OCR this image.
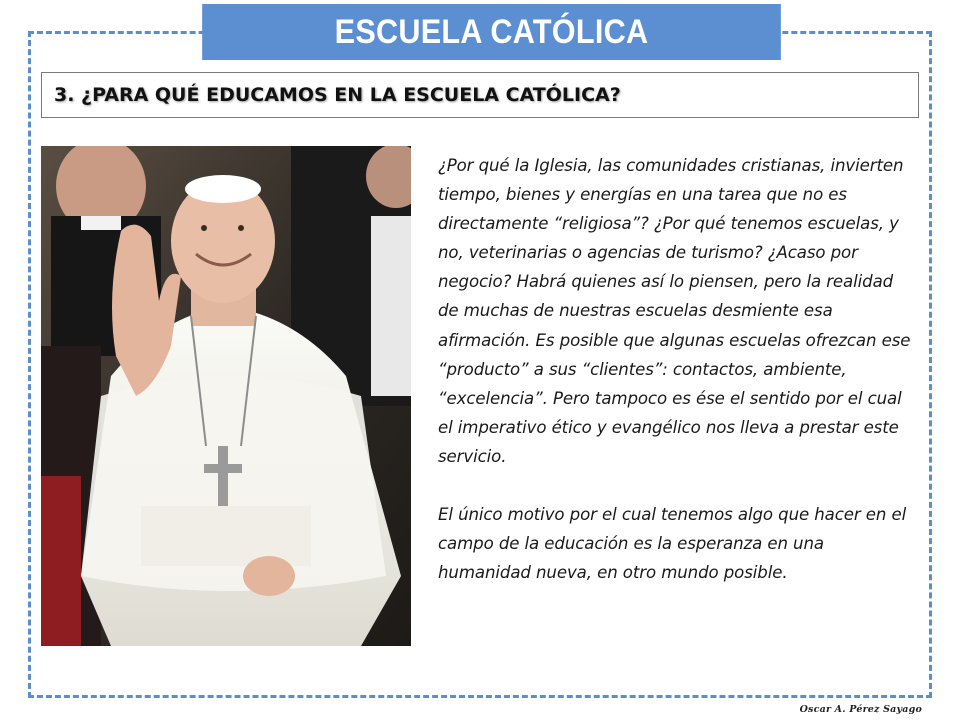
ESCUELA CATÓLICA
3. ¿PARA QUÉ EDUCAMOS EN LA ESCUELA CATÓLICA?

¿Por qué la Iglesia, las comunidades cristianas, invierten tiempo, bienes y energías en una tarea que no es directamente “religiosa”? ¿Por qué tenemos escuelas, y no, veterinarias o agencias de turismo? ¿Acaso por negocio? Habrá quienes así lo piensen, pero la realidad de muchas de nuestras escuelas desmiente esa afirmación. Es posible que algunas escuelas ofrezcan ese “producto” a sus “clientes”: contactos, ambiente, “excelencia”. Pero tampoco es ése el sentido por el cual el imperativo ético y evangélico nos lleva a prestar este servicio.

El único motivo por el cual tenemos algo que hacer en el campo de la educación es la esperanza en una humanidad nueva, en otro mundo posible.

Oscar A. Pérez Sayago
